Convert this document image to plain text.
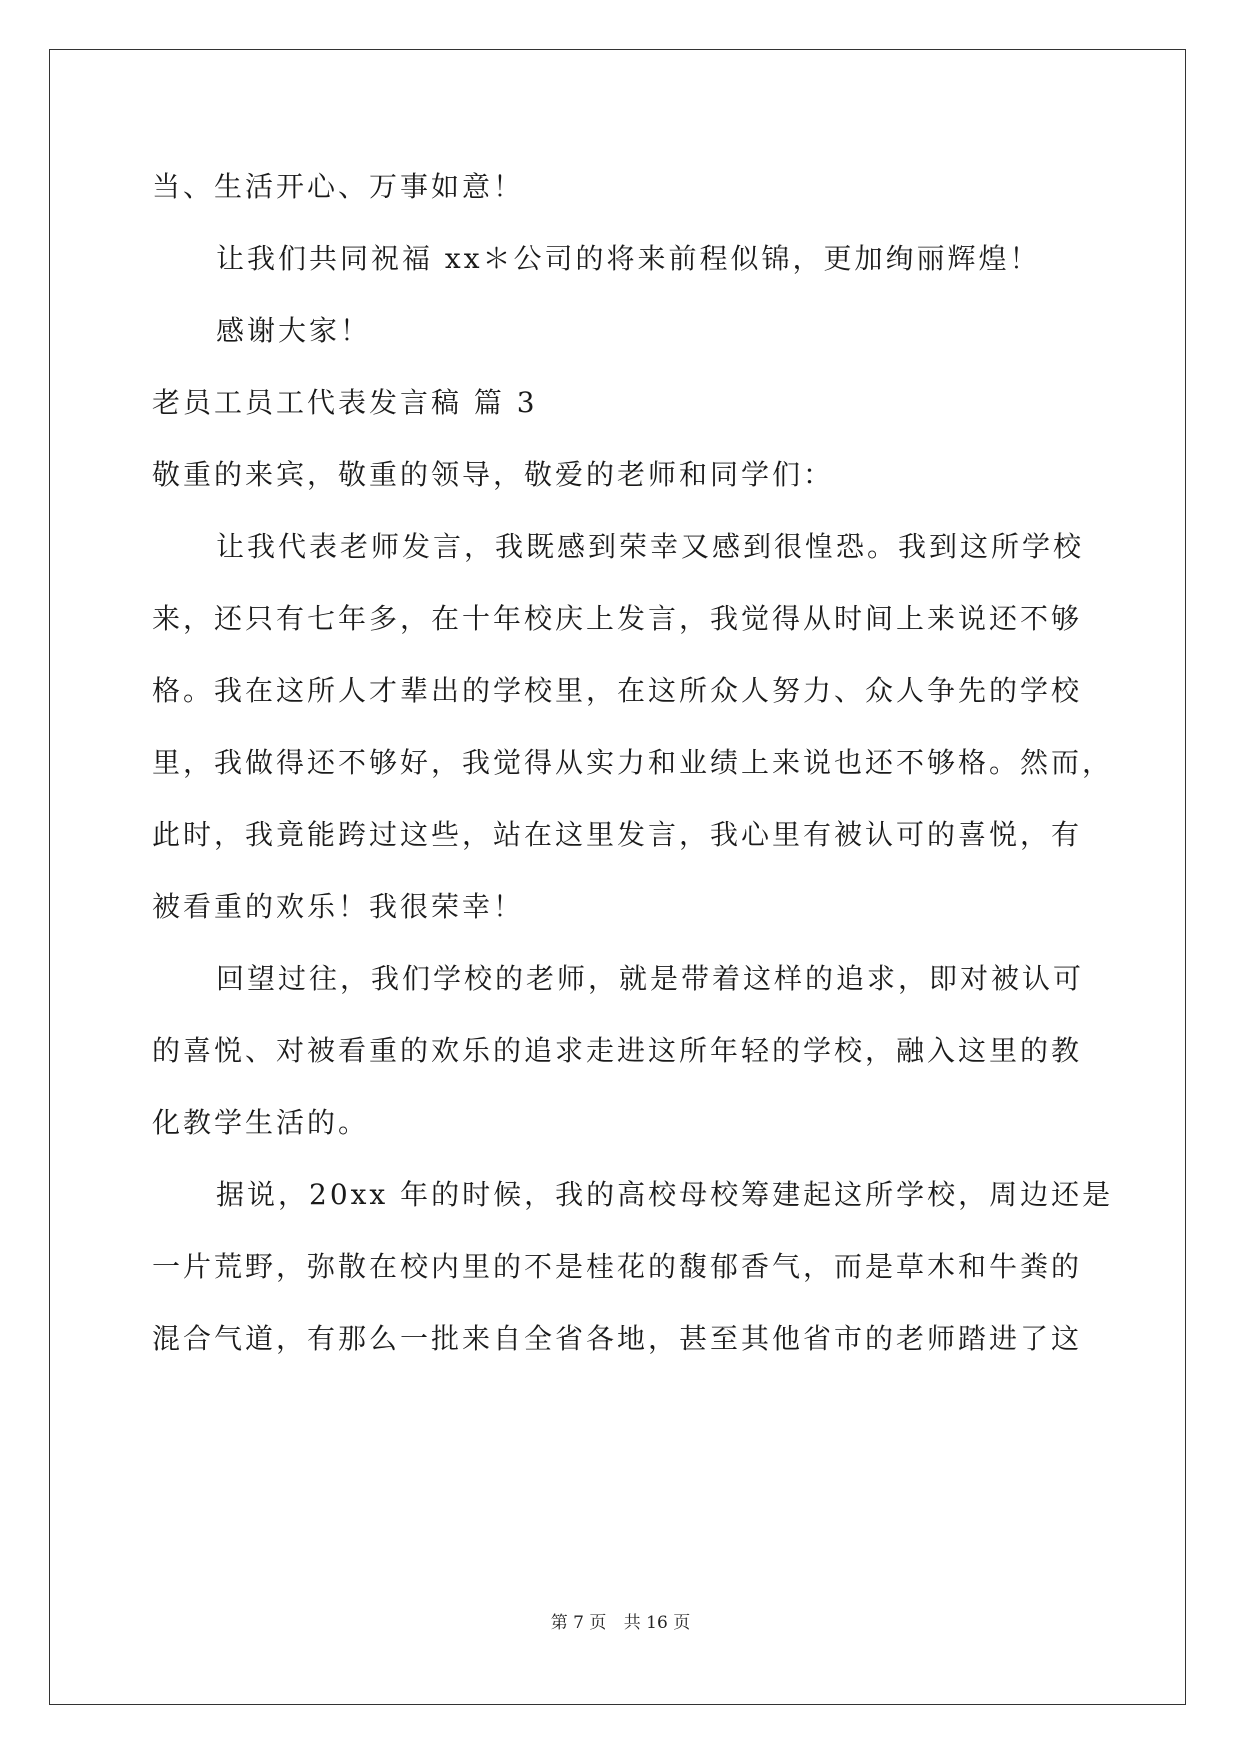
当、生活开心、万事如意！
让我们共同祝福 xx＊公司的将来前程似锦，更加绚丽辉煌！
感谢大家！
老员工员工代表发言稿 篇 3
敬重的来宾，敬重的领导，敬爱的老师和同学们：
让我代表老师发言，我既感到荣幸又感到很惶恐。我到这所学校
来，还只有七年多，在十年校庆上发言，我觉得从时间上来说还不够
格。我在这所人才辈出的学校里，在这所众人努力、众人争先的学校
里，我做得还不够好，我觉得从实力和业绩上来说也还不够格。然而，
此时，我竟能跨过这些，站在这里发言，我心里有被认可的喜悦，有
被看重的欢乐！我很荣幸！
回望过往，我们学校的老师，就是带着这样的追求，即对被认可
的喜悦、对被看重的欢乐的追求走进这所年轻的学校，融入这里的教
化教学生活的。
据说，20xx 年的时候，我的高校母校筹建起这所学校，周边还是
一片荒野，弥散在校内里的不是桂花的馥郁香气，而是草木和牛粪的
混合气道，有那么一批来自全省各地，甚至其他省市的老师踏进了这
第 7 页 共 16 页
